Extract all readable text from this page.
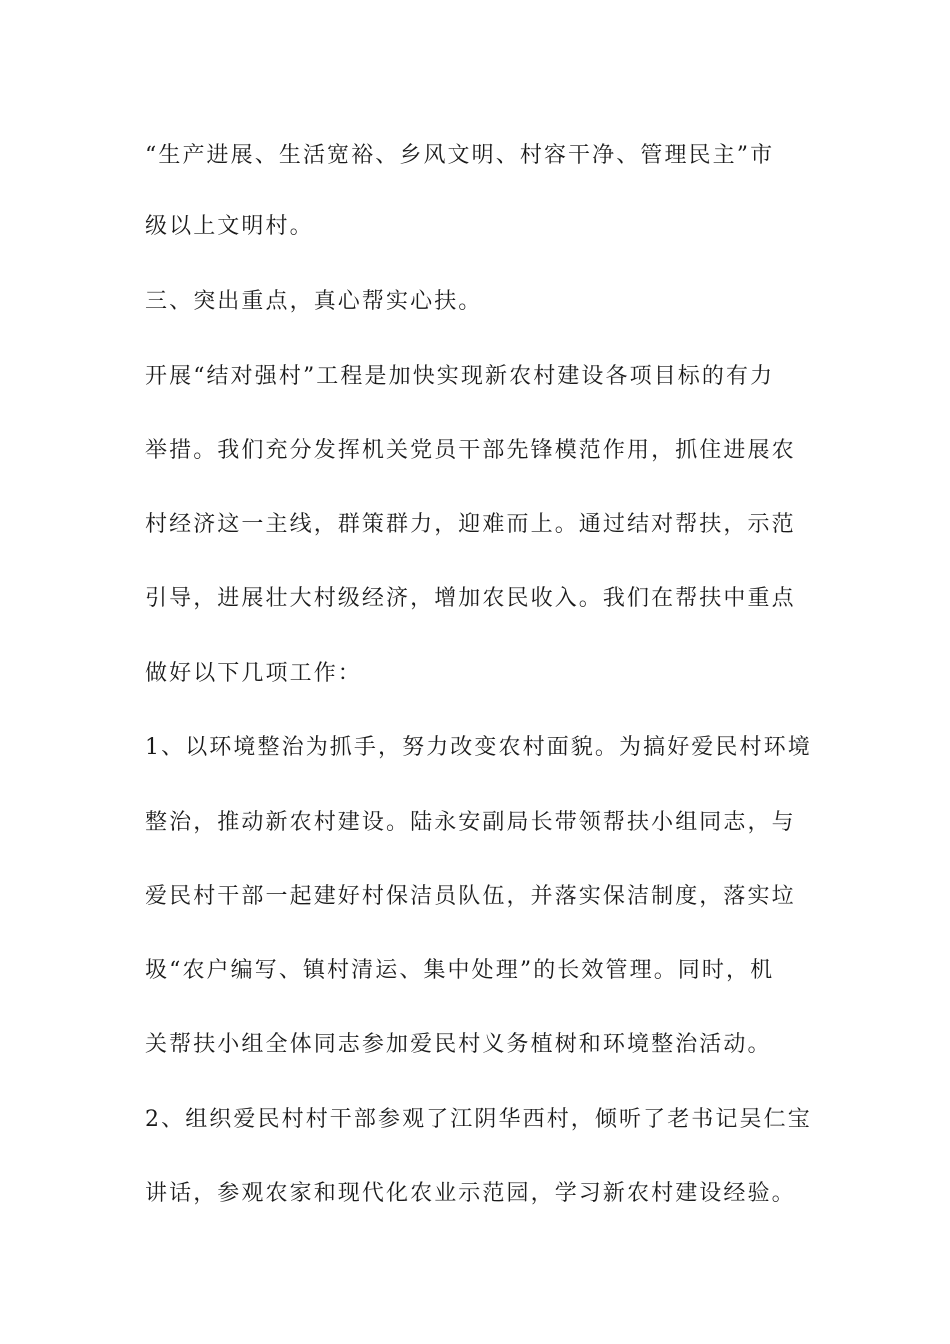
“生产进展、生活宽裕、乡风文明、村容干净、管理民主”市
级以上文明村。
三、突出重点，真心帮实心扶。
开展“结对强村”工程是加快实现新农村建设各项目标的有力
举措。我们充分发挥机关党员干部先锋模范作用，抓住进展农
村经济这一主线，群策群力，迎难而上。通过结对帮扶，示范
引导，进展壮大村级经济，增加农民收入。我们在帮扶中重点
做好以下几项工作：
1、以环境整治为抓手，努力改变农村面貌。为搞好爱民村环境
整治，推动新农村建设。陆永安副局长带领帮扶小组同志，与
爱民村干部一起建好村保洁员队伍，并落实保洁制度，落实垃
圾“农户编写、镇村清运、集中处理”的长效管理。同时，机
关帮扶小组全体同志参加爱民村义务植树和环境整治活动。
2、组织爱民村村干部参观了江阴华西村，倾听了老书记吴仁宝
讲话，参观农家和现代化农业示范园，学习新农村建设经验。
